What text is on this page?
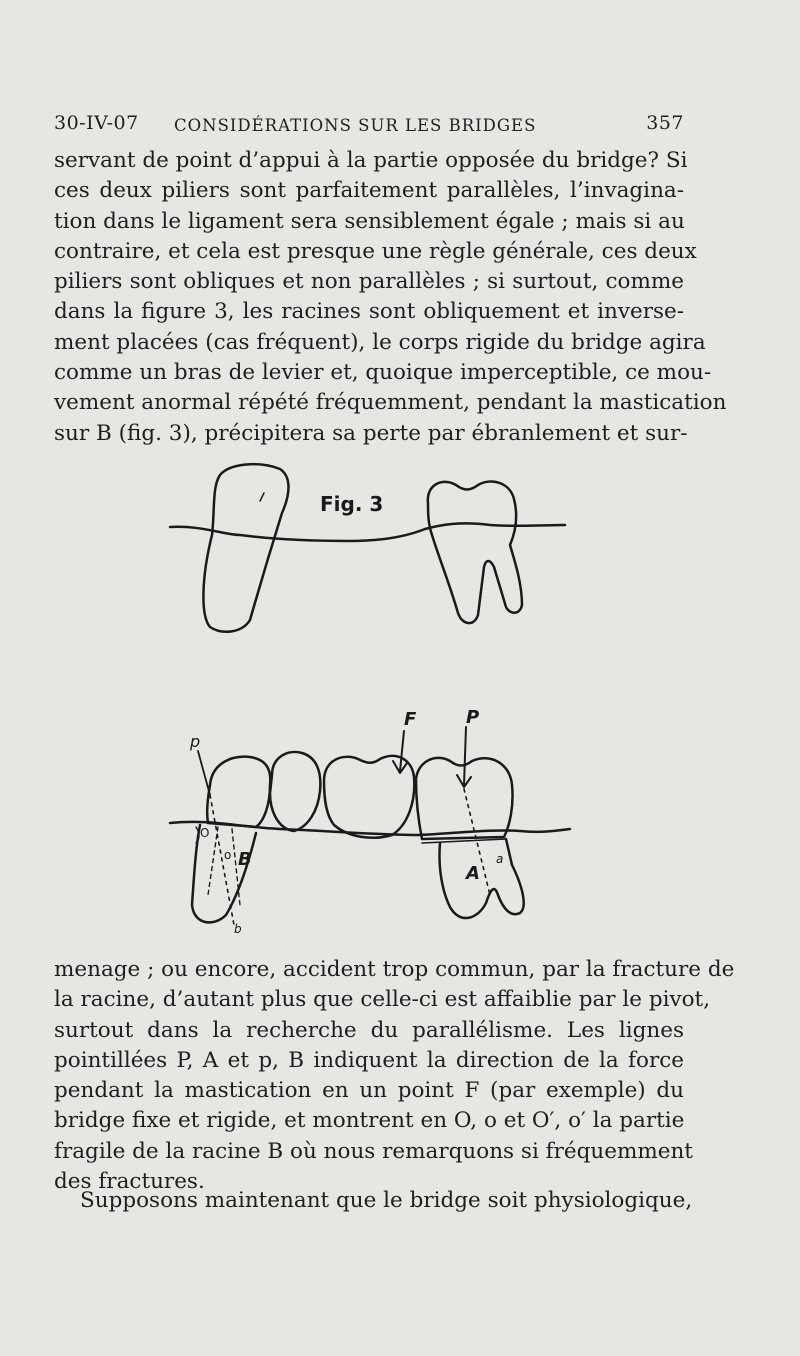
30-IV-07 CONSIDÉRATIONS SUR LES BRIDGES	357
servant de point d’appui à la partie opposée du bridge? Si
ces deux piliers sont parfaitement parallèles, l’invagina-
tion dans le ligament sera sensiblement égale ; mais si au
contraire, et cela est presque une règle générale, ces deux
piliers sont obliques et non parallèles ; si surtout, comme
dans la figure 3, les racines sont obliquement et inverse-
ment placées (cas fréquent), le corps rigide du bridge agira
comme un bras de levier et, quoique imperceptible, ce mou-
vement anormal répété fréquemment, pendant la mastication
sur B (fig. 3), précipitera sa perte par ébranlement et sur-
Fig. 3
F	P
p
B
A
O
o
b
a
menage ; ou encore, accident trop commun, par la fracture de
la racine, d’autant plus que celle-ci est affaiblie par le pivot,
surtout dans la recherche du parallélisme. Les lignes
pointillées P, A et p, B indiquent la direction de la force
pendant la mastication en un point F (par exemple) du
bridge fixe et rigide, et montrent en O, o et O′, o′ la partie
fragile de la racine B où nous remarquons si fréquemment
des fractures.
Supposons maintenant que le bridge soit physiologique,
